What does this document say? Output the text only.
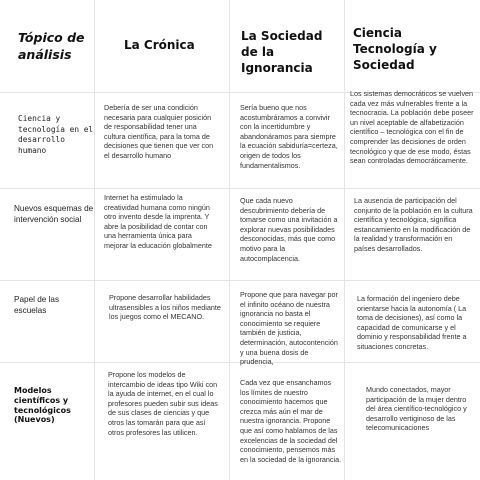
Tópico de análisis
La Crónica
La Sociedad de la Ignorancia
Ciencia Tecnología y Sociedad
Ciencia y tecnología en el desarrollo humano
Debería de ser una condición necesaria para cualquier posición de responsabilidad tener una cultura científica, para la toma de decisiones que tienen que ver con el desarrollo humano
Sería bueno que nos acostumbráramos a convivir con la incertidumbre y abandonáramos para siempre la ecuación sabiduría=certeza, origen de todos los fundamentalismos.
Los sistemas democráticos se vuelven cada vez más vulnerables frente a la tecnocracia. La población debe poseer un nivel aceptable de alfabetización científico – tecnológica con el fin de comprender las decisiones de orden tecnológico y que de ese modo, éstas sean controladas democráticamente.
Nuevos esquemas de intervención social
Internet ha estimulado la creatividad humana como ningún otro invento desde la imprenta. Y abre la posibilidad de contar con una herramienta única para mejorar la educación globalmente
Que cada nuevo descubrimiento debería de tomarse como una invitación a explorar nuevas posibilidades desconocidas, más que como motivo para la autocomplacencia.
La ausencia de participación del conjunto de la población en la cultura científica y tecnológica, significa estancamiento en la modificación de la realidad y transformación en países desarrollados.
Papel de las escuelas
Propone desarrollar habilidades ultrasensibles a los niños mediante los juegos como el MECANO.
Propone que para navegar por el infinito océano de nuestra ignorancia no basta el conocimiento se requiere también de justicia, determinación, autocontención y una buena dosis de prudencia,
La formación del ingeniero debe orientarse hacia la autonomía ( La toma de decisiones), así como la capacidad de comunicarse y el dominio y responsabilidad frente a situaciones concretas.
Modelos científicos y tecnológicos (Nuevos)
Propone los modelos de intercambio de ideas tipo Wiki con la ayuda de internet, en el cual lo profesores pueden subir sus ideas de sus clases de ciencias y que otros las tomarán para que así otros profesores las utilicen.
Cada vez que ensanchamos los límites de nuestro conocimiento hacemos que crezca más aún el mar de nuestra ignorancia. Propone que así como hablamos de las excelencias de la sociedad del conocimiento, pensemos más en la sociedad de la ignorancia.
Mundo conectados, mayor participación de la mujer dentro del área científico-tecnológico y desarrollo vertiginoso de las telecomunicaciones
